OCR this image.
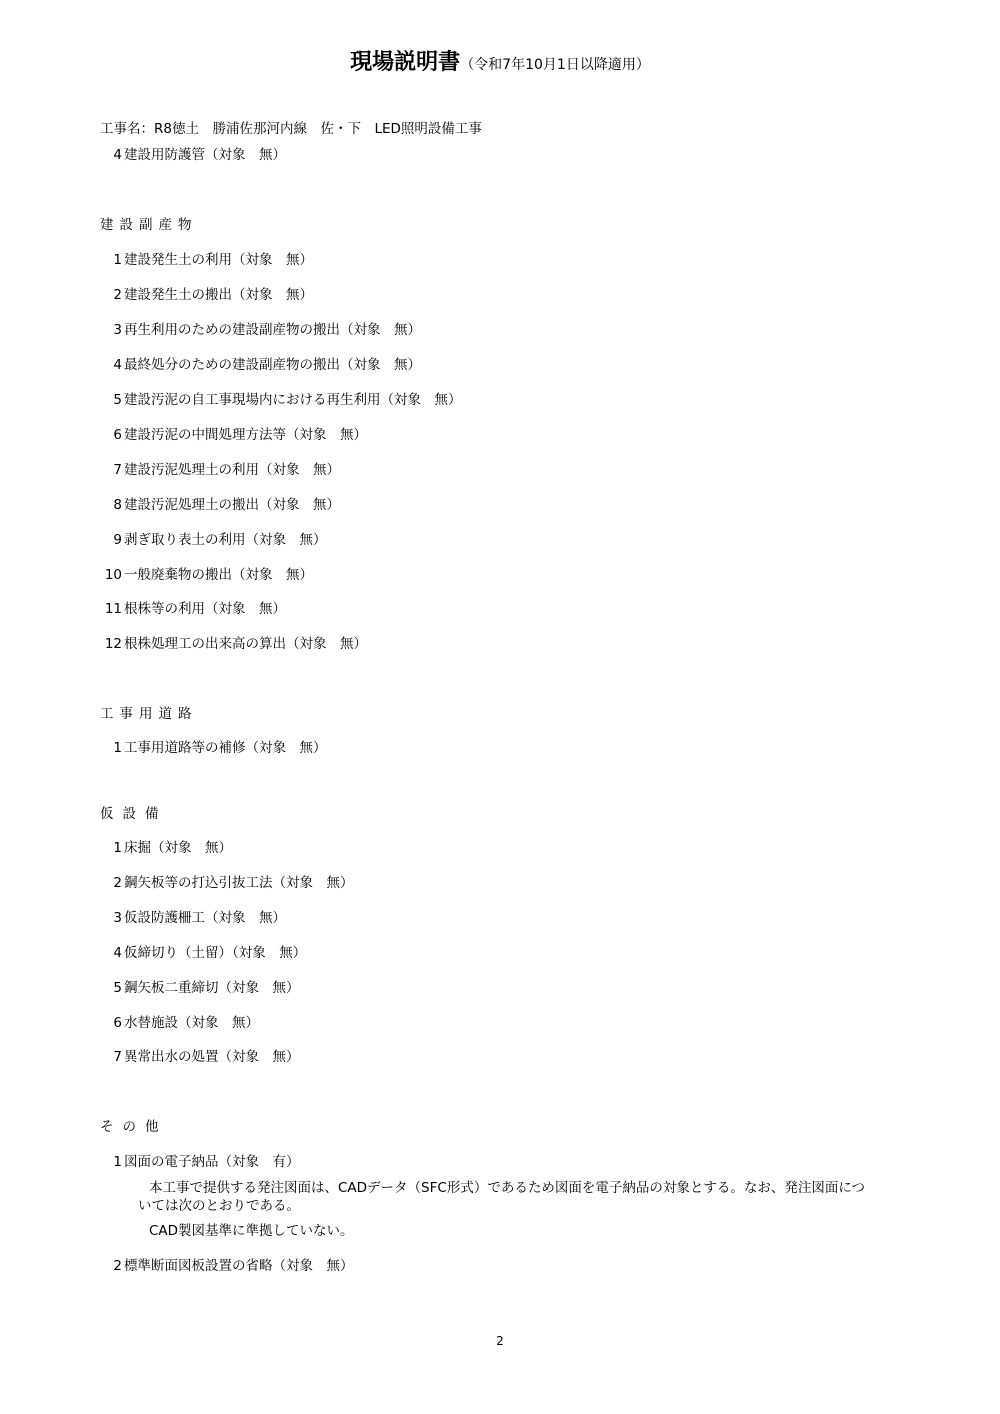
現場説明書（令和7年10月1日以降適用）
工事名：R8徳土　勝浦佐那河内線　佐・下　LED照明設備工事
4 建設用防護管（対象　無）
建設副産物
1 建設発生土の利用（対象　無）
2 建設発生土の搬出（対象　無）
3 再生利用のための建設副産物の搬出（対象　無）
4 最終処分のための建設副産物の搬出（対象　無）
5 建設汚泥の自工事現場内における再生利用（対象　無）
6 建設汚泥の中間処理方法等（対象　無）
7 建設汚泥処理土の利用（対象　無）
8 建設汚泥処理土の搬出（対象　無）
9 剥ぎ取り表土の利用（対象　無）
10 一般廃棄物の搬出（対象　無）
11 根株等の利用（対象　無）
12 根株処理工の出来高の算出（対象　無）
工事用道路
1 工事用道路等の補修（対象　無）
仮設備
1 床掘（対象　無）
2 鋼矢板等の打込引抜工法（対象　無）
3 仮設防護柵工（対象　無）
4 仮締切り（土留）（対象　無）
5 鋼矢板二重締切（対象　無）
6 水替施設（対象　無）
7 異常出水の処置（対象　無）
その他
1 図面の電子納品（対象　有）
本工事で提供する発注図面は、CADデータ（SFC形式）であるため図面を電子納品の対象とする。なお、発注図面については次のとおりである。
CAD製図基準に準拠していない。
2 標準断面図板設置の省略（対象　無）
2
